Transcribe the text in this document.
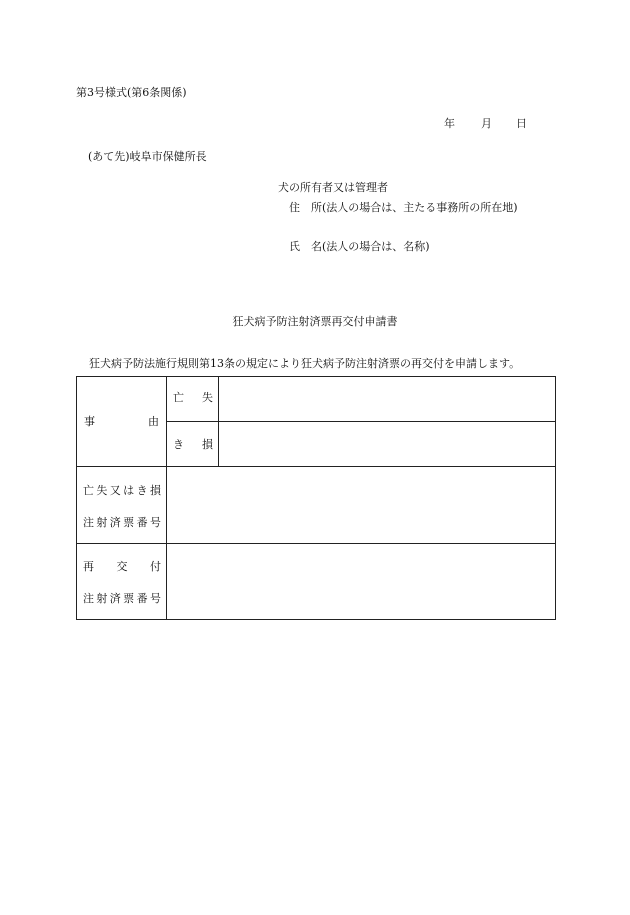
第3号様式(第6条関係)
年 月 日
(あて先)岐阜市保健所長
犬の所有者又は管理者
住　所(法人の場合は、主たる事務所の所在地)
氏　名(法人の場合は、名称)
狂犬病予防注射済票再交付申請書
狂犬病予防法施行規則第13条の規定により狂犬病予防注射済票の再交付を申請します。
事	由
亡 失
き 損
亡 失 又 は き 損
注 射 済 票 番 号
再 交 付
注 射 済 票 番 号
